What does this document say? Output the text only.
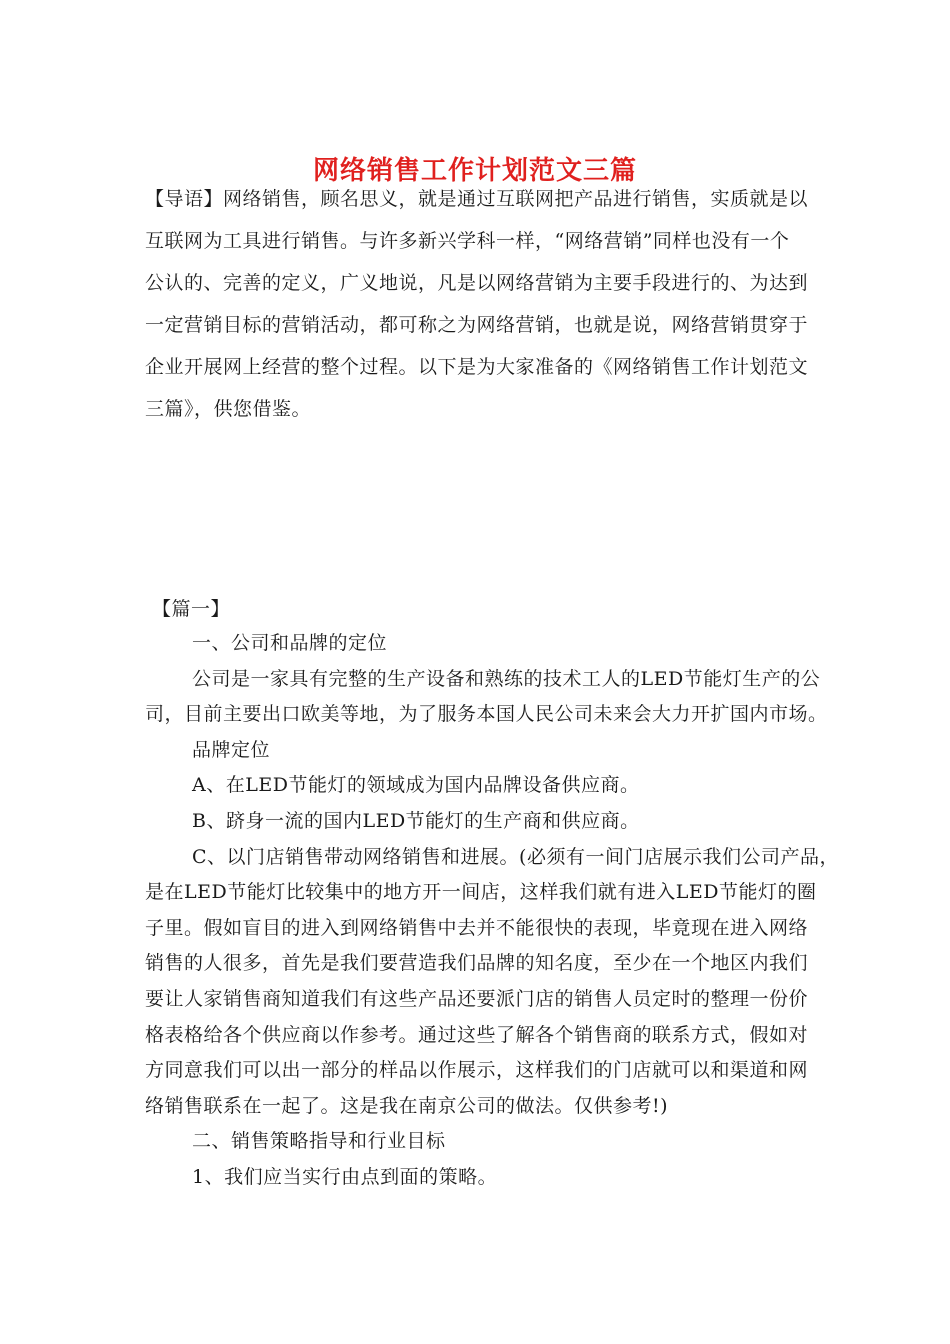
网络销售工作计划范文三篇
【导语】网络销售，顾名思义，就是通过互联网把产品进行销售，实质就是以
互联网为工具进行销售。与许多新兴学科一样，“网络营销”同样也没有一个
公认的、完善的定义，广义地说，凡是以网络营销为主要手段进行的、为达到
一定营销目标的营销活动，都可称之为网络营销，也就是说，网络营销贯穿于
企业开展网上经营的整个过程。以下是为大家准备的《网络销售工作计划范文
三篇》，供您借鉴。
【篇一】
一、公司和品牌的定位
公司是一家具有完整的生产设备和熟练的技术工人的LED节能灯生产的公
司，目前主要出口欧美等地，为了服务本国人民公司未来会大力开扩国内市场。
品牌定位
A、在LED节能灯的领域成为国内品牌设备供应商。
B、跻身一流的国内LED节能灯的生产商和供应商。
C、以门店销售带动网络销售和进展。(必须有一间门店展示我们公司产品，
是在LED节能灯比较集中的地方开一间店，这样我们就有进入LED节能灯的圈
子里。假如盲目的进入到网络销售中去并不能很快的表现，毕竟现在进入网络
销售的人很多，首先是我们要营造我们品牌的知名度，至少在一个地区内我们
要让人家销售商知道我们有这些产品还要派门店的销售人员定时的整理一份价
格表格给各个供应商以作参考。通过这些了解各个销售商的联系方式，假如对
方同意我们可以出一部分的样品以作展示，这样我们的门店就可以和渠道和网
络销售联系在一起了。这是我在南京公司的做法。仅供参考!)
二、销售策略指导和行业目标
1、我们应当实行由点到面的策略。
